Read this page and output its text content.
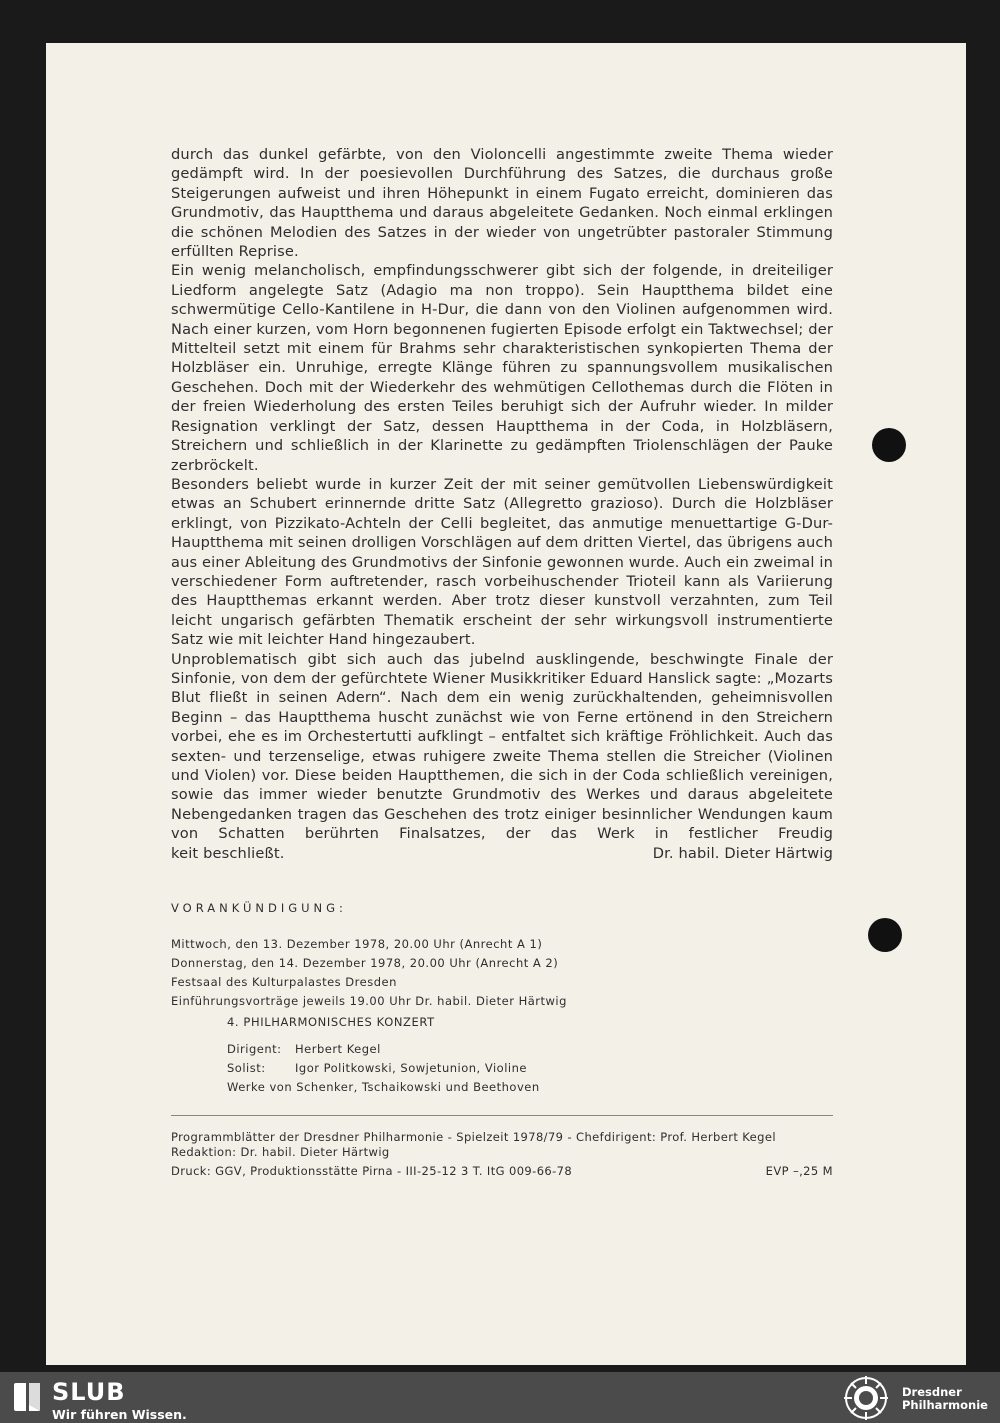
durch das dunkel gefärbte, von den Violoncelli angestimmte zweite Thema wieder gedämpft wird. In der poesievollen Durchführung des Satzes, die durchaus große Steigerungen aufweist und ihren Höhepunkt in einem Fugato erreicht, dominieren das Grundmotiv, das Hauptthema und daraus abgeleitete Gedanken. Noch einmal erklingen die schönen Melodien des Satzes in der wieder von ungetrübter pastoraler Stimmung erfüllten Reprise.

Ein wenig melancholisch, empfindungsschwerer gibt sich der folgende, in dreiteiliger Liedform angelegte Satz (Adagio ma non troppo). Sein Hauptthema bildet eine schwermütige Cello-Kantilene in H-Dur, die dann von den Violinen aufgenommen wird. Nach einer kurzen, vom Horn begonnenen fugierten Episode erfolgt ein Taktwechsel; der Mittelteil setzt mit einem für Brahms sehr charakteristischen synkopierten Thema der Holzbläser ein. Unruhige, erregte Klänge führen zu spannungsvollem musikalischen Geschehen. Doch mit der Wiederkehr des wehmütigen Cellothemas durch die Flöten in der freien Wiederholung des ersten Teiles beruhigt sich der Aufruhr wieder. In milder Resignation verklingt der Satz, dessen Hauptthema in der Coda, in Holzbläsern, Streichern und schließlich in der Klarinette zu gedämpften Triolenschlägen der Pauke zerbröckelt.

Besonders beliebt wurde in kurzer Zeit der mit seiner gemütvollen Liebenswürdigkeit etwas an Schubert erinnernde dritte Satz (Allegretto grazioso). Durch die Holzbläser erklingt, von Pizzikato-Achteln der Celli begleitet, das anmutige menuettartige G-Dur-Hauptthema mit seinen drolligen Vorschlägen auf dem dritten Viertel, das übrigens auch aus einer Ableitung des Grundmotivs der Sinfonie gewonnen wurde. Auch ein zweimal in verschiedener Form auftretender, rasch vorbeihuschender Trioteil kann als Variierung des Hauptthemas erkannt werden. Aber trotz dieser kunstvoll verzahnten, zum Teil leicht ungarisch gefärbten Thematik erscheint der sehr wirkungsvoll instrumentierte Satz wie mit leichter Hand hingezaubert.

Unproblematisch gibt sich auch das jubelnd ausklingende, beschwingte Finale der Sinfonie, von dem der gefürchtete Wiener Musikkritiker Eduard Hanslick sagte: „Mozarts Blut fließt in seinen Adern“. Nach dem ein wenig zurückhaltenden, geheimnisvollen Beginn – das Hauptthema huscht zunächst wie von Ferne ertönend in den Streichern vorbei, ehe es im Orchestertutti aufklingt – entfaltet sich kräftige Fröhlichkeit. Auch das sexten- und terzenselige, etwas ruhigere zweite Thema stellen die Streicher (Violinen und Violen) vor. Diese beiden Hauptthemen, die sich in der Coda schließlich vereinigen, sowie das immer wieder benutzte Grundmotiv des Werkes und daraus abgeleitete Nebengedanken tragen das Geschehen des trotz einiger besinnlicher Wendungen kaum von Schatten berührten Finalsatzes, der das Werk in festlicher Freudig

keit beschließt.	Dr. habil. Dieter Härtwig
VORANKÜNDIGUNG:
Mittwoch, den 13. Dezember 1978, 20.00 Uhr (Anrecht A 1)
Donnerstag, den 14. Dezember 1978, 20.00 Uhr (Anrecht A 2)
Festsaal des Kulturpalastes Dresden
Einführungsvorträge jeweils 19.00 Uhr Dr. habil. Dieter Härtwig
4. PHILHARMONISCHES KONZERT
Dirigent:	Herbert Kegel
Solist:	Igor Politkowski, Sowjetunion, Violine
Werke von Schenker, Tschaikowski und Beethoven
Programmblätter der Dresdner Philharmonie - Spielzeit 1978/79 - Chefdirigent: Prof. Herbert Kegel
Redaktion: Dr. habil. Dieter Härtwig
Druck: GGV, Produktionsstätte Pirna - III-25-12 3 T. ItG 009-66-78	EVP –,25 M
SLUB
Wir führen Wissen.
Dresdner
Philharmonie
